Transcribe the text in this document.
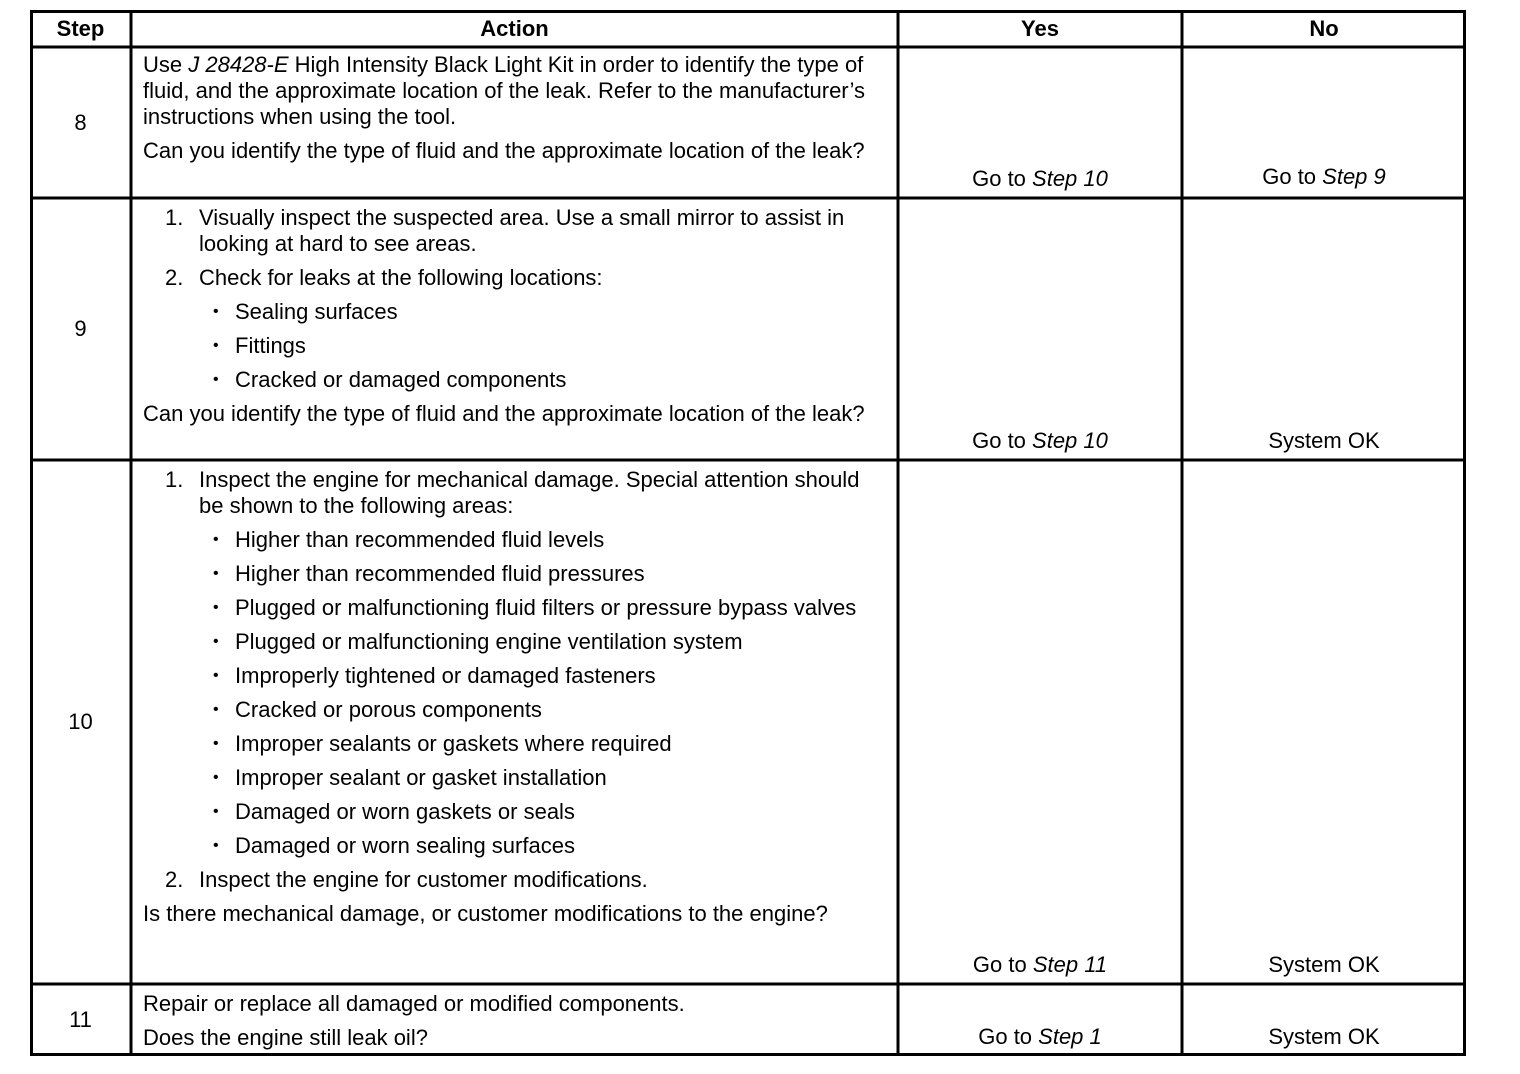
Step	Action	Yes	No
8

Use J 28428-E High Intensity Black Light Kit in order to identify the type of fluid, and the approximate location of the leak. Refer to the manufacturer’s instructions when using the tool.

Can you identify the type of fluid and the approximate location of the leak?

Go to Step 10	Go to Step 9
9
1. Visually inspect the suspected area. Use a small mirror to assist in looking at hard to see areas.
2. Check for leaks at the following locations:
• Sealing surfaces
• Fittings
• Cracked or damaged components

Can you identify the type of fluid and the approximate location of the leak?

Go to Step 10	System OK
10
1. Inspect the engine for mechanical damage. Special attention should be shown to the following areas:
• Higher than recommended fluid levels
• Higher than recommended fluid pressures
• Plugged or malfunctioning fluid filters or pressure bypass valves
• Plugged or malfunctioning engine ventilation system
• Improperly tightened or damaged fasteners
• Cracked or porous components
• Improper sealants or gaskets where required
• Improper sealant or gasket installation
• Damaged or worn gaskets or seals
• Damaged or worn sealing surfaces
2. Inspect the engine for customer modifications.

Is there mechanical damage, or customer modifications to the engine?

Go to Step 11	System OK
11

Repair or replace all damaged or modified components.

Does the engine still leak oil?	Go to Step 1	System OK
